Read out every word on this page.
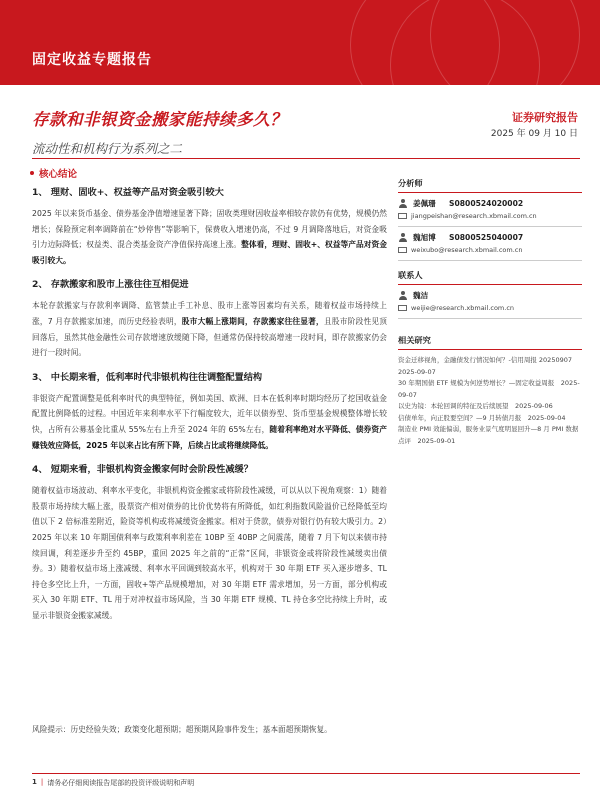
固定收益专题报告
存款和非银资金搬家能持续多久？
流动性和机构行为系列之二
证券研究报告
2025 年 09 月 10 日
核心结论
1、 理财、固收+、权益等产品对资金吸引较大
2025 年以来货币基金、债券基金净值增速显著下降；固收类理财因收益率相较存款仍有优势，规模仍然增长；保险预定利率调降前在“炒停售”等影响下，保费收入增速仍高，不过 9 月调降落地后，对资金吸引力边际降低；权益类、混合类基金资产净值保持高速上涨。整体看，理财、固收+、权益等产品对资金吸引较大。
2、 存款搬家和股市上涨往往互相促进
本轮存款搬家与存款利率调降、监管禁止手工补息、股市上涨等因素均有关系，随着权益市场持续上涨，7 月存款搬家加速，而历史经验表明，股市大幅上涨期间，存款搬家往往显著，且股市阶段性见顶回落后，虽然其他金融性公司存款增速放缓随下降，但通常仍保持较高增速一段时间，即存款搬家仍会进行一段时间。
3、 中长期来看，低利率时代非银机构往往调整配置结构
非银资产配置调整是低利率时代的典型特征，例如美国、欧洲、日本在低利率时期均经历了挖国收益金配置比例降低的过程。中国近年来利率水平下行幅度较大，近年以债券型、货币型基金规模整体增长较快，占所有公募基金比重从 55%左右上升至 2024 年的 65%左右，随着利率绝对水平降低、债券资产赚钱效应降低，2025 年以来占比有所下降，后续占比或将继续降低。
4、 短期来看，非银机构资金搬家何时会阶段性减缓？
随着权益市场波动、利率水平变化，非银机构资金搬家或将阶段性减缓，可以从以下视角观察：1）随着股票市场持续大幅上涨，股票资产相对债券的比价优势将有所降低，如红利指数风险溢价已经降低至均值以下 2 倍标准差附近，险资等机构或将减缓资金搬家。相对于贷款，债券对银行仍有较大吸引力。2）2025 年以来 10 年期国债利率与政策利率利差在 10BP 至 40BP 之间震荡，随着 7 月下旬以来债市持续回调，利差逐步升至约 45BP，重回 2025 年之前的“正常”区间，非银资金或将阶段性减缓卖出债券。3）随着权益市场上涨减缓、利率水平回调到较高水平，机构对于 30 年期 ETF 买入逐步增多、TL 持仓多空比上升，一方面，固收+等产品规模增加，对 30 年期 ETF 需求增加，另一方面，部分机构或买入 30 年期 ETF、TL 用于对冲权益市场风险，当 30 年期 ETF 规模、TL 持仓多空比持续上升时，或显示非银资金搬家减缓。
风险提示：历史经验失效；政策变化超预期；超预期风险事件发生；基本面超预期恢复。
分析师
姜佩珊	S0800524020002
jiangpeishan@research.xbmail.com.cn
魏旭博	S0800525040007
weixubo@research.xbmail.com.cn
联系人
魏洁
weijie@research.xbmail.com.cn
相关研究
资金迁移视角，金融债发行情况如何？-信用周报 20250907　2025-09-07
30 年期国债 ETF 规模为何逆势增长？—固定收益周报　2025-09-07
以史为镜：本轮回调的特征及后续展望　2025-09-06
信债单年，向正股要空间？—9 月转债月报　2025-09-04
制造业 PMI 效能偏弱，服务业景气度明显回升—8 月 PMI 数据点评　2025-09-01
1 | 请务必仔细阅读报告尾部的投资评级说明和声明
